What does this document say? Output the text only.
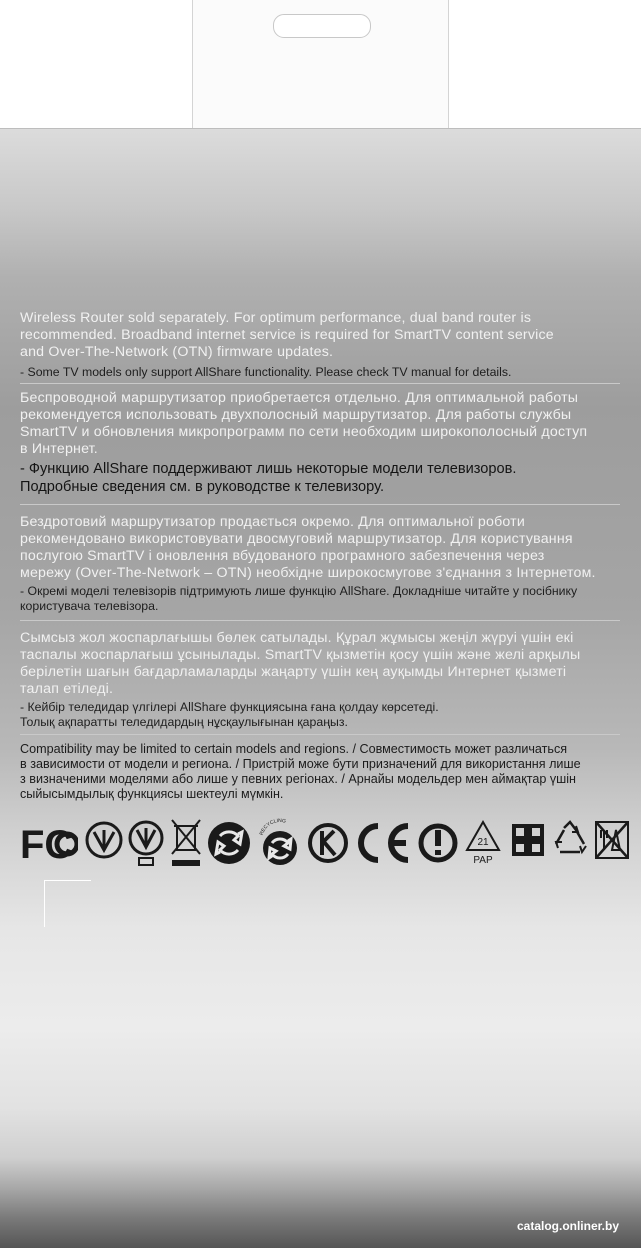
Wireless Router sold separately. For optimum performance, dual band router is
recommended. Broadband internet service is required for SmartTV content service
and Over-The-Network (OTN) firmware updates.

- Some TV models only support AllShare functionality. Please check TV manual for details.

Беспроводной маршрутизатор приобретается отдельно. Для оптимальной работы
рекомендуется использовать двухполосный маршрутизатор. Для работы службы
SmartTV и обновления микропрограмм по сети необходим широкополосный доступ
в Интернет.

- Функцию AllShare поддерживают лишь некоторые модели телевизоров.
Подробные сведения см. в руководстве к телевизору.

Бездротовий маршрутизатор продається окремо. Для оптимальної роботи
рекомендовано використовувати двосмуговий маршрутизатор. Для користування
послугою SmartTV і оновлення вбудованого програмного забезпечення через
мережу (Over-The-Network – OTN) необхідне широкосмугове з'єднання з Інтернетом.

- Окремі моделі телевізорів підтримують лише функцію AllShare. Докладніше читайте у посібнику
користувача телевізора.

Сымсыз жол жоспарлағышы бөлек сатылады. Құрал жұмысы жеңіл жүруі үшін екі
таспалы жоспарлағыш ұсынылады. SmartTV қызметін қосу үшін және желі арқылы
берілетін шағын бағдарламаларды жаңарту үшін кең ауқымды Интернет қызметі
талап етіледі.

- Кейбір теледидар үлгілері AllShare функциясына ғана қолдау көрсетеді.
Толық ақпаратты теледидардың нұсқаулығынан қараңыз.

Compatibility may be limited to certain models and regions. / Совместимость может различаться
в зависимости от модели и региона. / Пристрій може бути призначений для використання лише
з визначеними моделями або лише у певних регіонах. / Арнайы модельдер мен аймақтар үшін
сыйысымдылық функциясы шектеулі мүмкін.

FC	RECYCLING
21
PAP
catalog.onliner.by
